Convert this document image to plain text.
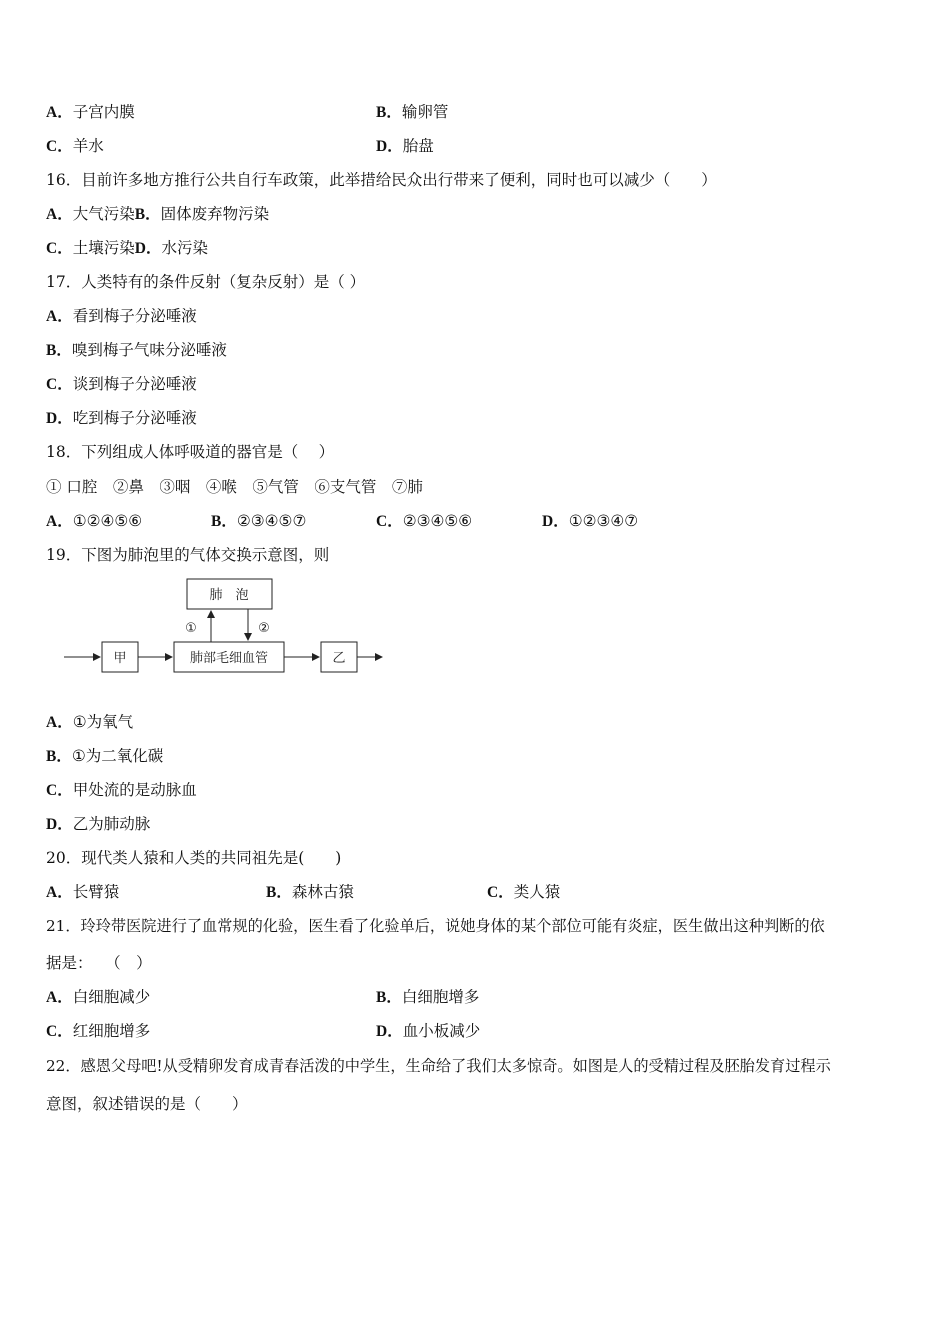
A．子宫内膜	B．输卵管
C．羊水	D．胎盘
16．目前许多地方推行公共自行车政策，此举措给民众出行带来了便利，同时也可以减少（　　）
A．大气污染B．固体废弃物污染
C．土壤污染D．水污染
17．人类特有的条件反射（复杂反射）是（ ）
A．看到梅子分泌唾液
B．嗅到梅子气味分泌唾液
C．谈到梅子分泌唾液
D．吃到梅子分泌唾液
18．下列组成人体呼吸道的器官是（　 ）
① 口腔　②鼻　③咽　④喉　⑤气管　⑥支气管　⑦肺
A．①②④⑤⑥	B．②③④⑤⑦	C．②③④⑤⑥	D．①②③④⑦
19．下图为肺泡里的气体交换示意图，则
肺　泡
肺部毛细血管
甲	乙
①	②
A．①为氧气
B．①为二氧化碳
C．甲处流的是动脉血
D．乙为肺动脉
20．现代类人猿和人类的共同祖先是(　　)
A．长臂猿	B．森林古猿	C．类人猿
21．玲玲带医院进行了血常规的化验，医生看了化验单后，说她身体的某个部位可能有炎症，医生做出这种判断的依
据是：　 （　）
A．白细胞减少	B．白细胞增多
C．红细胞增多	D．血小板减少
22．感恩父母吧!从受精卵发育成青春活泼的中学生，生命给了我们太多惊奇。如图是人的受精过程及胚胎发育过程示
意图，叙述错误的是（　　）
